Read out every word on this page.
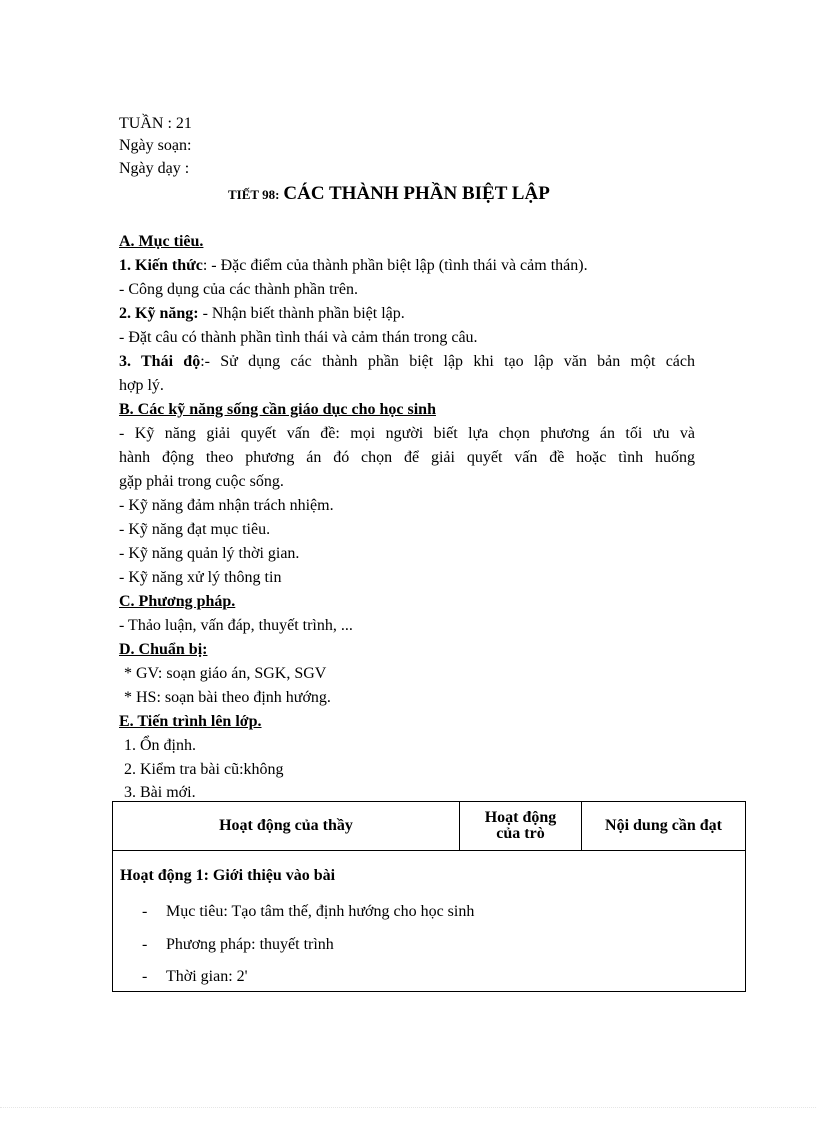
TUẦN : 21
Ngày soạn:
Ngày dạy :
TIẾT 98: CÁC THÀNH PHẦN BIỆT LẬP
A. Mục tiêu.
1. Kiến thức: - Đặc điểm của thành phần biệt lập (tình thái và cảm thán).
- Công dụng của các thành phần trên.
2. Kỹ năng: - Nhận biết thành phần biệt lập.
- Đặt câu có thành phần tình thái và cảm thán trong câu.
3. Thái độ:- Sử dụng các thành phần biệt lập khi tạo lập văn bản một cách
hợp lý.
B. Các kỹ năng sống cần giáo dục cho học sinh
- Kỹ năng giải quyết vấn đề: mọi người biết lựa chọn phương án tối ưu và
hành động theo phương án đó chọn để giải quyết vấn đề hoặc tình huống
gặp phải trong cuộc sống.
- Kỹ năng đảm nhận trách nhiệm.
- Kỹ năng đạt mục tiêu.
- Kỹ năng quản lý thời gian.
- Kỹ năng xử lý thông tin
C. Phương pháp.
- Thảo luận, vấn đáp, thuyết trình, ...
D. Chuẩn bị:
* GV: soạn giáo án, SGK, SGV
* HS: soạn bài theo định hướng.
E. Tiến trình lên lớp.
1. Ổn định.
2. Kiểm tra bài cũ:không
3. Bài mới.
Hoạt động của thầy	Hoạt động
của trò	Nội dung cần đạt

Hoạt động 1: Giới thiệu vào bài
- Mục tiêu: Tạo tâm thế, định hướng cho học sinh
- Phương pháp: thuyết trình
- Thời gian: 2'
